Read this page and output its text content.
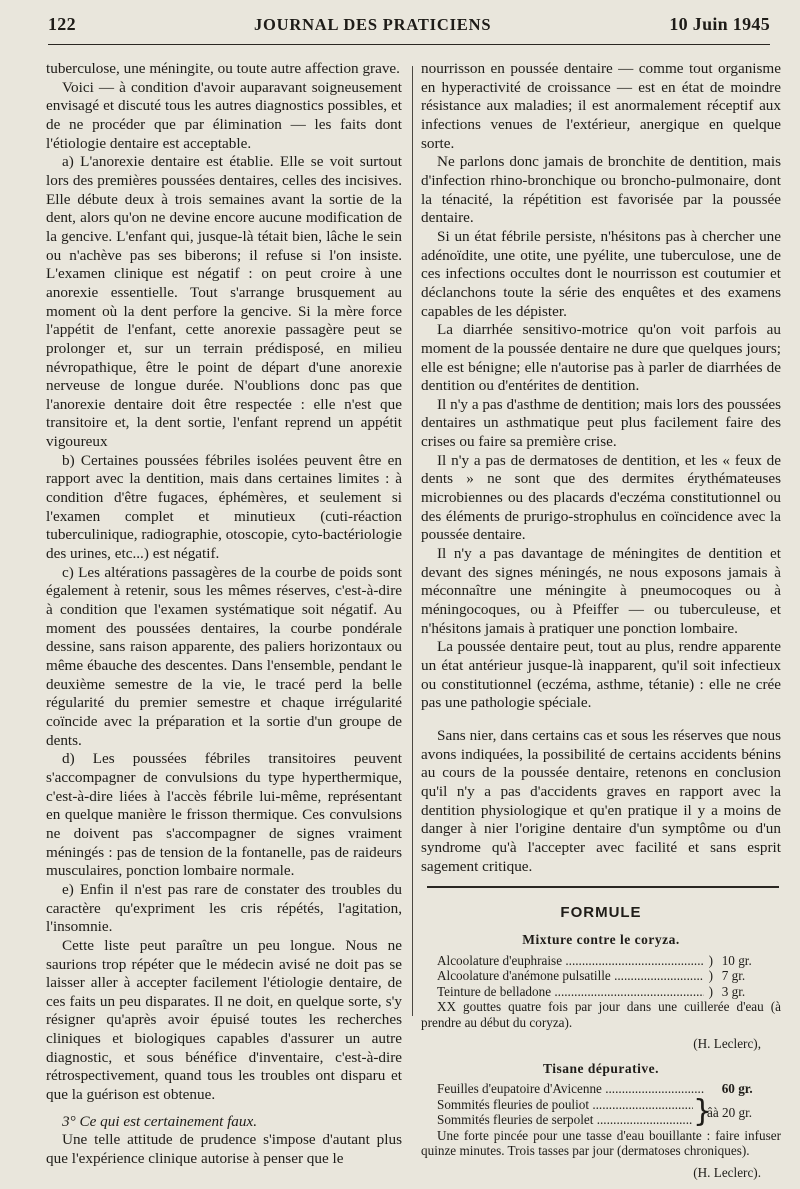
122	JOURNAL DES PRATICIENS	10 Juin 1945

tuberculose, une méningite, ou toute autre affection grave.

Voici — à condition d'avoir auparavant soigneusement envisagé et discuté tous les autres diagnostics possibles, et de ne procéder que par élimination — les faits dont l'étiologie dentaire est acceptable.

a) L'anorexie dentaire est établie. Elle se voit surtout lors des premières poussées dentaires, celles des incisives. Elle débute deux à trois semaines avant la sortie de la dent, alors qu'on ne devine encore aucune modification de la gencive. L'enfant qui, jusque-là tétait bien, lâche le sein ou n'achève pas ses biberons; il refuse si l'on insiste. L'examen clinique est négatif : on peut croire à une anorexie essentielle. Tout s'arrange brusquement au moment où la dent perfore la gencive. Si la mère force l'appétit de l'enfant, cette anorexie passagère peut se prolonger et, sur un terrain prédisposé, en milieu névropathique, être le point de départ d'une anorexie nerveuse de longue durée. N'oublions donc pas que l'anorexie dentaire doit être respectée : elle n'est que transitoire et, la dent sortie, l'enfant reprend un appétit vigoureux

b) Certaines poussées fébriles isolées peuvent être en rapport avec la dentition, mais dans certaines limites : à condition d'être fugaces, éphémères, et seulement si l'examen complet et minutieux (cuti-réaction tuberculinique, radiographie, otoscopie, cyto-bactériologie des urines, etc...) est négatif.

c) Les altérations passagères de la courbe de poids sont également à retenir, sous les mêmes réserves, c'est-à-dire à condition que l'examen systématique soit négatif. Au moment des poussées dentaires, la courbe pondérale dessine, sans raison apparente, des paliers horizontaux ou même ébauche des descentes. Dans l'ensemble, pendant le deuxième semestre de la vie, le tracé perd la belle régularité du premier semestre et chaque irrégularité coïncide avec la préparation et la sortie d'un groupe de dents.

d) Les poussées fébriles transitoires peuvent s'accompagner de convulsions du type hyperthermique, c'est-à-dire liées à l'accès fébrile lui-même, représentant en quelque manière le frisson thermique. Ces convulsions ne doivent pas s'accompagner de signes vraiment méningés : pas de tension de la fontanelle, pas de raideurs musculaires, ponction lombaire normale.

e) Enfin il n'est pas rare de constater des troubles du caractère qu'expriment les cris répétés, l'agitation, l'insomnie.

Cette liste peut paraître un peu longue. Nous ne saurions trop répéter que le médecin avisé ne doit pas se laisser aller à accepter facilement l'étiologie dentaire, de ces faits un peu disparates. Il ne doit, en quelque sorte, s'y résigner qu'après avoir épuisé toutes les recherches cliniques et biologiques capables d'assurer un autre diagnostic, et sous bénéfice d'inventaire, c'est-à-dire rétrospectivement, quand tous les troubles ont disparu et que la guérison est obtenue.

3° Ce qui est certainement faux.

Une telle attitude de prudence s'impose d'autant plus que l'expérience clinique autorise à penser que le

nourrisson en poussée dentaire — comme tout organisme en hyperactivité de croissance — est en état de moindre résistance aux maladies; il est anormalement réceptif aux infections venues de l'extérieur, anergique en quelque sorte.

Ne parlons donc jamais de bronchite de dentition, mais d'infection rhino-bronchique ou broncho-pulmonaire, dont la ténacité, la répétition est favorisée par la poussée dentaire.

Si un état fébrile persiste, n'hésitons pas à chercher une adénoïdite, une otite, une pyélite, une tuberculose, une de ces infections occultes dont le nourrisson est coutumier et déclanchons toute la série des enquêtes et des examens capables de les dépister.

La diarrhée sensitivo-motrice qu'on voit parfois au moment de la poussée dentaire ne dure que quelques jours; elle est bénigne; elle n'autorise pas à parler de diarrhées de dentition ou d'entérites de dentition.

Il n'y a pas d'asthme de dentition; mais lors des poussées dentaires un asthmatique peut plus facilement faire des crises ou faire sa première crise.

Il n'y a pas de dermatoses de dentition, et les « feux de dents » ne sont que des dermites érythémateuses microbiennes ou des placards d'eczéma constitutionnel ou des éléments de prurigo-strophulus en coïncidence avec la poussée dentaire.

Il n'y a pas davantage de méningites de dentition et devant des signes méningés, ne nous exposons jamais à méconnaître une méningite à pneumocoques ou à méningocoques, ou à Pfeiffer — ou tuberculeuse, et n'hésitons jamais à pratiquer une ponction lombaire.

La poussée dentaire peut, tout au plus, rendre apparente un état antérieur jusque-là inapparent, qu'il soit infectieux ou constitutionnel (eczéma, asthme, tétanie) : elle ne crée pas une pathologie spéciale.

Sans nier, dans certains cas et sous les réserves que nous avons indiquées, la possibilité de certains accidents bénins au cours de la poussée dentaire, retenons en conclusion qu'il n'y a pas d'accidents graves en rapport avec la dentition physiologique et qu'en pratique il y a moins de danger à nier l'origine dentaire d'un symptôme ou d'un syndrome qu'à l'accepter avec facilité et sans esprit sagement critique.

FORMULE
Mixture contre le coryza.
Alcoolature d'euphraise .....	) 10 gr.
Alcoolature d'anémone pulsatille .....	) 7 gr.
Teinture de belladone .....	) 3 gr.
XX gouttes quatre fois par jour dans une cuillerée d'eau (à prendre au début du coryza).
(H. Leclerc),
Tisane dépurative.
Feuilles d'eupatoire d'Avicenne .....	60 gr.
Sommités fleuries de pouliot .....
Sommités fleuries de serpolet .....	}
âà 20 gr.
Une forte pincée pour une tasse d'eau bouillante : faire infuser quinze minutes. Trois tasses par jour (dermatoses chroniques).
(H. Leclerc).
